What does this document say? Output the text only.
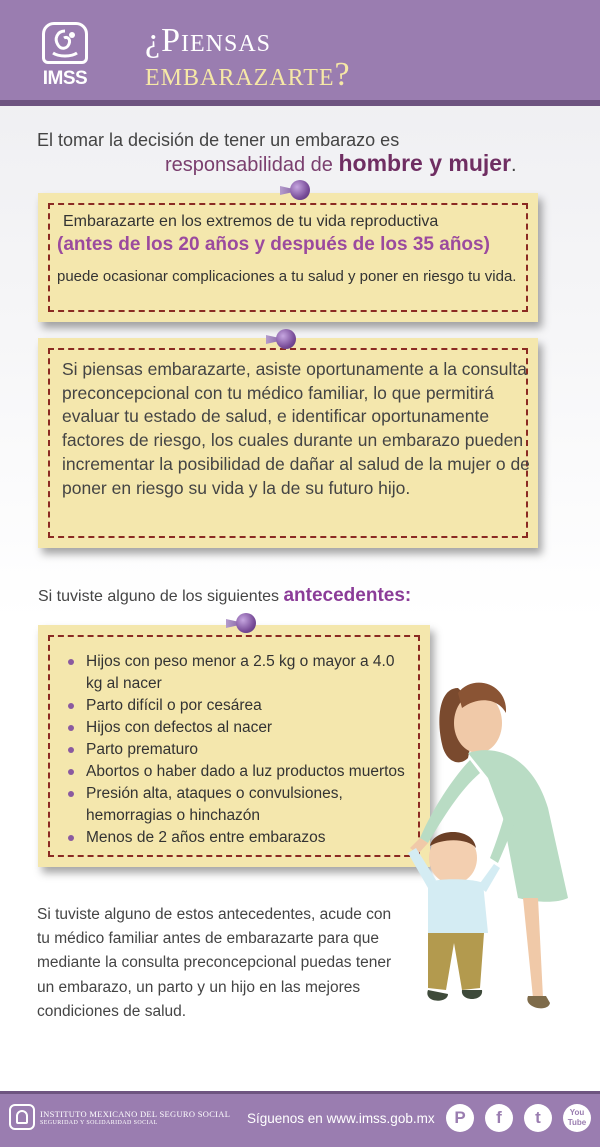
IMSS
¿Piensas
embarazarte?
El tomar la decisión de tener un embarazo es
responsabilidad de hombre y mujer.
Embarazarte en los extremos de tu vida reproductiva
(antes de los 20 años y después de los 35 años)
puede ocasionar complicaciones a tu salud y poner en riesgo tu vida.
Si piensas embarazarte, asiste oportunamente a la consulta preconcepcional con tu médico familiar, lo que permitirá evaluar tu estado de salud, e identificar oportunamente factores de riesgo, los cuales durante un embarazo pueden incrementar la posibilidad de dañar al salud de la mujer o de poner en riesgo su vida y la de su futuro hijo.
Si tuviste alguno de los siguientes antecedentes:
Hijos con peso menor a 2.5 kg o mayor a 4.0 kg al nacer
Parto difícil o por cesárea
Hijos con defectos al nacer
Parto prematuro
Abortos o haber dado a luz productos muertos
Presión alta, ataques o convulsiones, hemorragias o hinchazón
Menos de 2 años entre embarazos
Si tuviste alguno de estos antecedentes, acude con tu médico familiar antes de embarazarte para que mediante la consulta preconcepcional puedas tener un embarazo, un parto y un hijo en las mejores condiciones de salud.
INSTITUTO MEXICANO DEL SEGURO SOCIAL
SEGURIDAD Y SOLIDARIDAD SOCIAL	Síguenos en www.imss.gob.mx	P	f	t	You Tube
